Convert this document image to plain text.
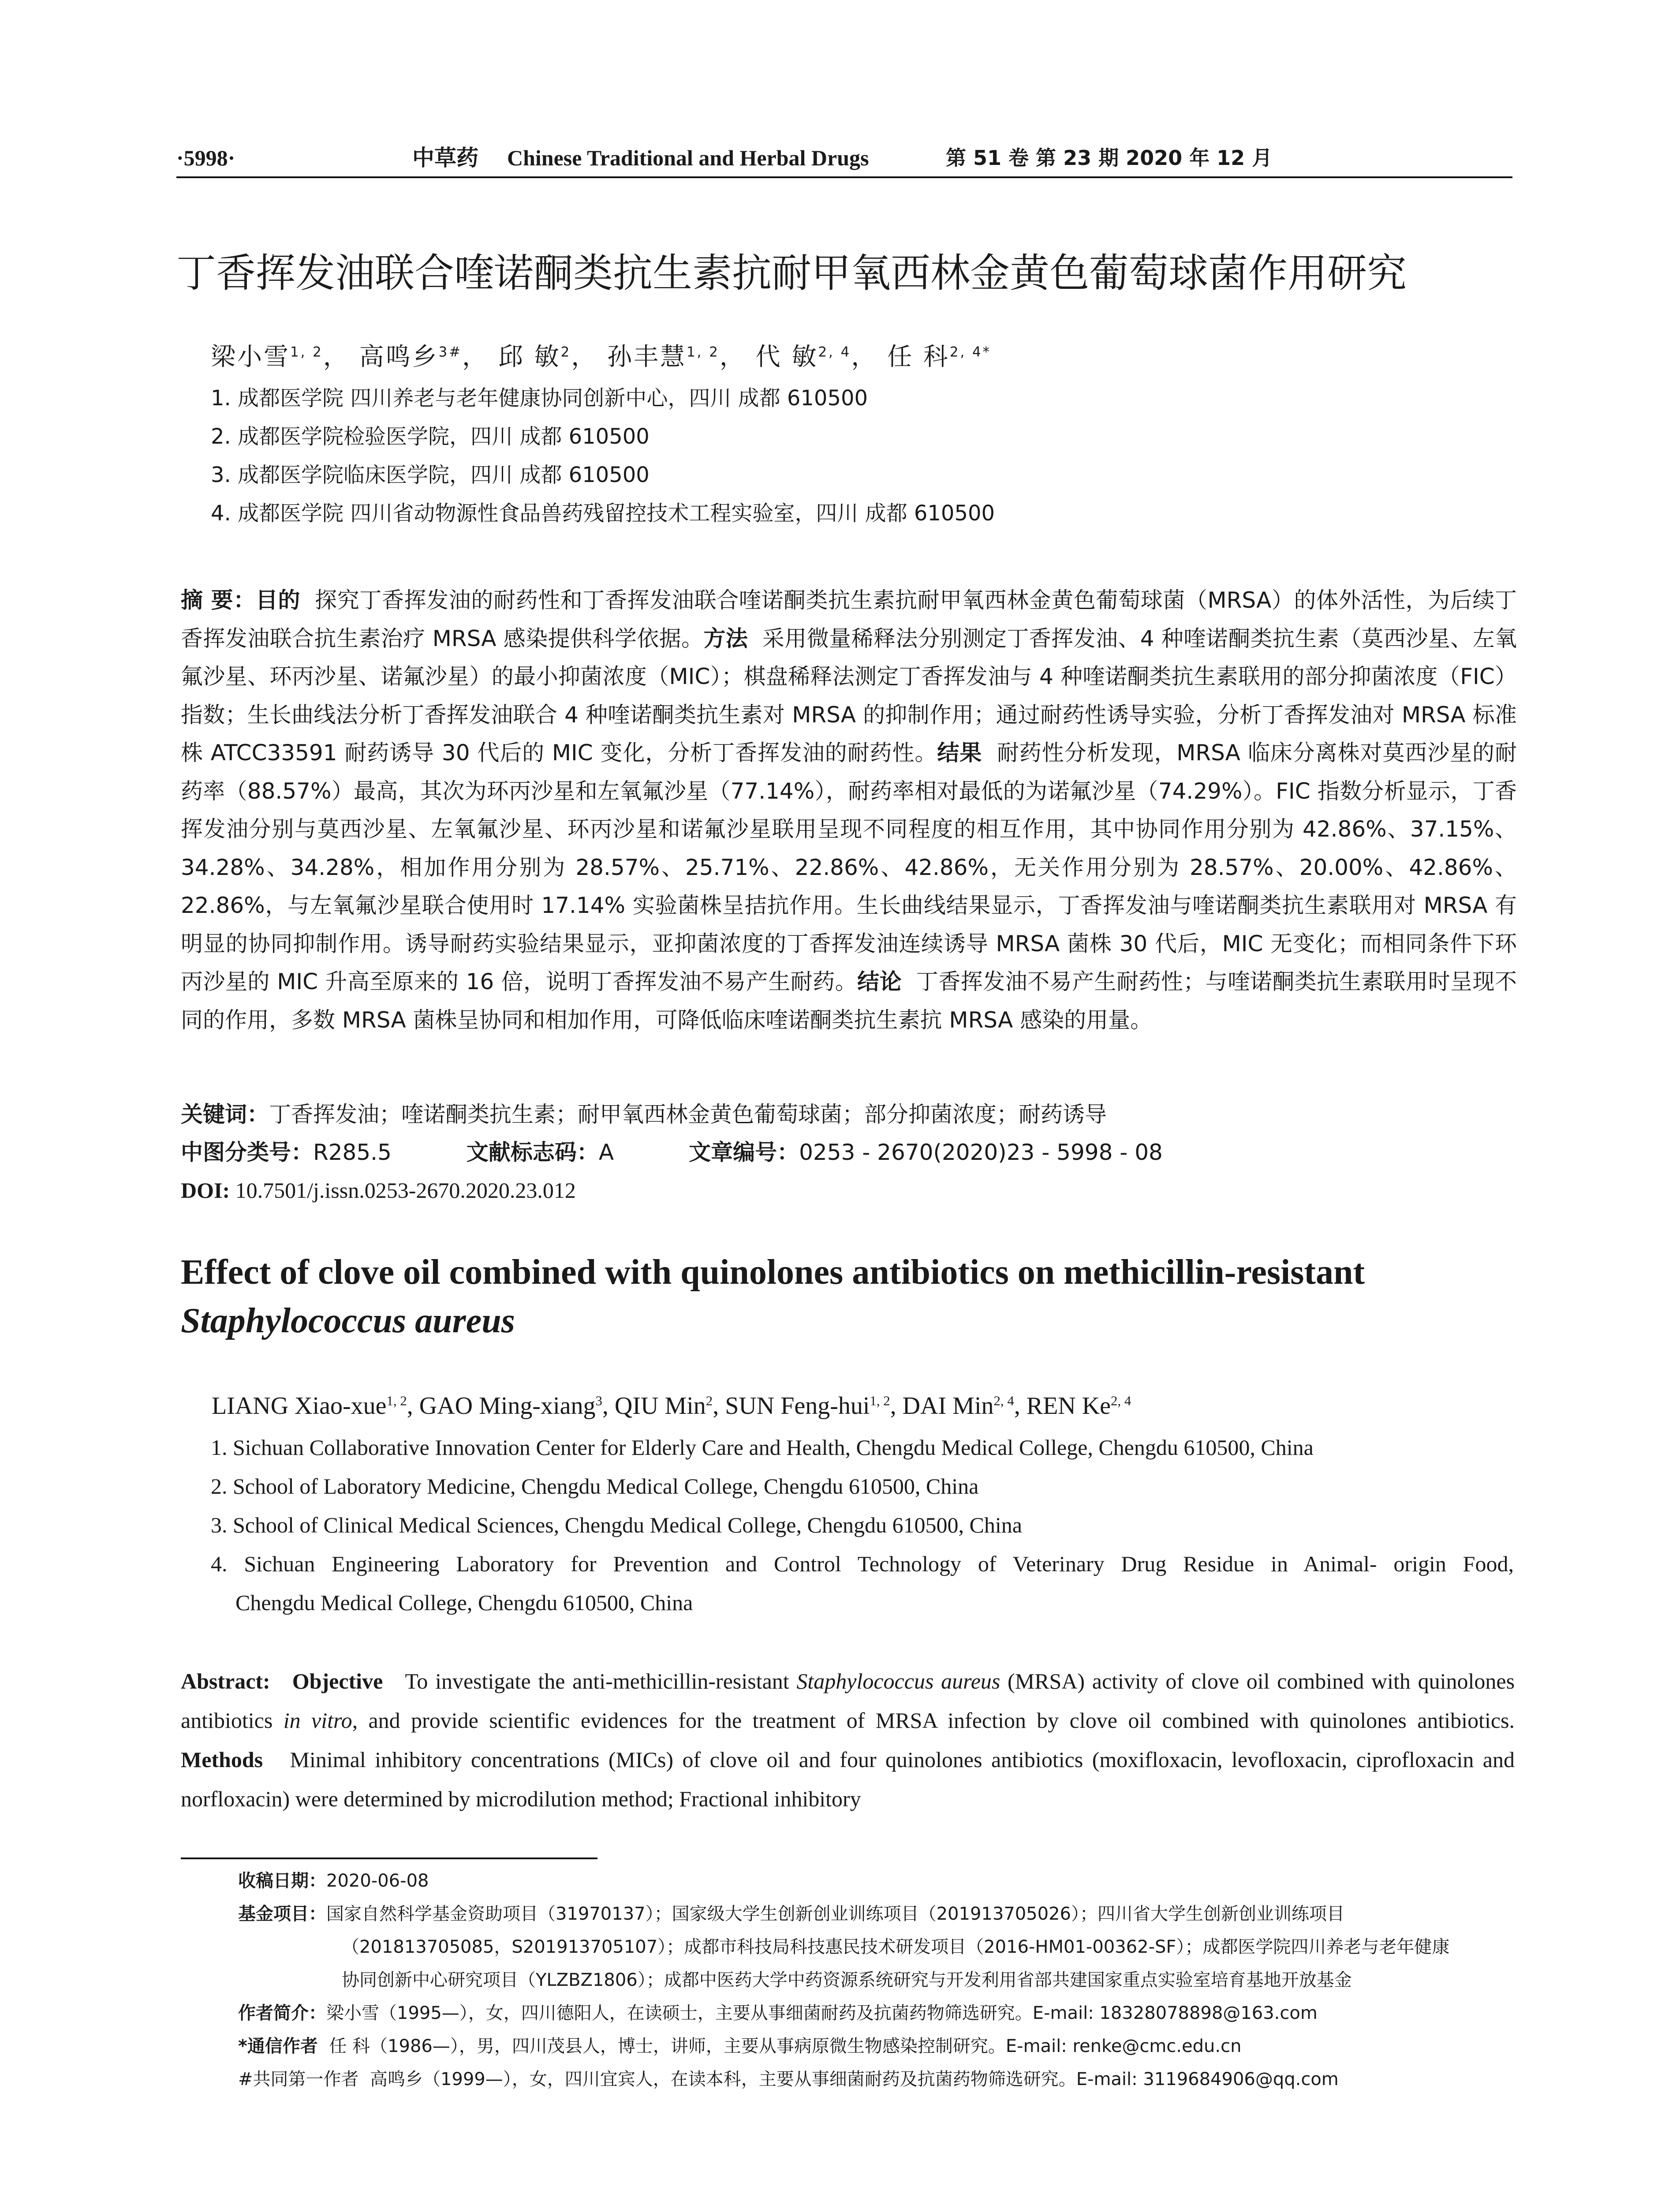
·5998·	中草药 Chinese Traditional and Herbal Drugs	第 51 卷 第 23 期 2020 年 12 月
丁香挥发油联合喹诺酮类抗生素抗耐甲氧西林金黄色葡萄球菌作用研究
梁小雪$^{1, 2}$， 高鸣乡$^{3\#}$， 邱 敏$^2$， 孙丰慧$^{1, 2}$， 代 敏$^{2, 4}$， 任 科$^{2, 4*}$
1. 成都医学院 四川养老与老年健康协同创新中心，四川 成都 610500
2. 成都医学院检验医学院，四川 成都 610500
3. 成都医学院临床医学院，四川 成都 610500
4. 成都医学院 四川省动物源性食品兽药残留控技术工程实验室，四川 成都 610500
摘 要：目的 探究丁香挥发油的耐药性和丁香挥发油联合喹诺酮类抗生素抗耐甲氧西林金黄色葡萄球菌（MRSA）的体外活性，为后续丁香挥发油联合抗生素治疗 MRSA 感染提供科学依据。方法 采用微量稀释法分别测定丁香挥发油、4 种喹诺酮类抗生素（莫西沙星、左氧氟沙星、环丙沙星、诺氟沙星）的最小抑菌浓度（MIC）；棋盘稀释法测定丁香挥发油与 4 种喹诺酮类抗生素联用的部分抑菌浓度（FIC）指数；生长曲线法分析丁香挥发油联合 4 种喹诺酮类抗生素对 MRSA 的抑制作用；通过耐药性诱导实验，分析丁香挥发油对 MRSA 标准株 ATCC33591 耐药诱导 30 代后的 MIC 变化，分析丁香挥发油的耐药性。结果 耐药性分析发现，MRSA 临床分离株对莫西沙星的耐药率（88.57%）最高，其次为环丙沙星和左氧氟沙星（77.14%），耐药率相对最低的为诺氟沙星（74.29%）。FIC 指数分析显示，丁香挥发油分别与莫西沙星、左氧氟沙星、环丙沙星和诺氟沙星联用呈现不同程度的相互作用，其中协同作用分别为 42.86%、37.15%、34.28%、34.28%，相加作用分别为 28.57%、25.71%、22.86%、42.86%，无关作用分别为 28.57%、20.00%、42.86%、22.86%，与左氧氟沙星联合使用时 17.14% 实验菌株呈拮抗作用。生长曲线结果显示，丁香挥发油与喹诺酮类抗生素联用对 MRSA 有明显的协同抑制作用。诱导耐药实验结果显示，亚抑菌浓度的丁香挥发油连续诱导 MRSA 菌株 30 代后，MIC 无变化；而相同条件下环丙沙星的 MIC 升高至原来的 16 倍，说明丁香挥发油不易产生耐药。结论 丁香挥发油不易产生耐药性；与喹诺酮类抗生素联用时呈现不同的作用，多数 MRSA 菌株呈协同和相加作用，可降低临床喹诺酮类抗生素抗 MRSA 感染的用量。
关键词：丁香挥发油；喹诺酮类抗生素；耐甲氧西林金黄色葡萄球菌；部分抑菌浓度；耐药诱导
中图分类号：R285.5	文献标志码：A	文章编号：0253 - 2670(2020)23 - 5998 - 08
DOI: 10.7501/j.issn.0253-2670.2020.23.012
Effect of clove oil combined with quinolones antibiotics on methicillin-resistant
Staphylococcus aureus
LIANG Xiao-xue$^{1, 2}$, GAO Ming-xiang$^3$, QIU Min$^2$, SUN Feng-hui$^{1, 2}$, DAI Min$^{2, 4}$, REN Ke$^{2, 4}$
1. Sichuan Collaborative Innovation Center for Elderly Care and Health, Chengdu Medical College, Chengdu 610500, China
2. School of Laboratory Medicine, Chengdu Medical College, Chengdu 610500, China
3. School of Clinical Medical Sciences, Chengdu Medical College, Chengdu 610500, China
4. Sichuan Engineering Laboratory for Prevention and Control Technology of Veterinary Drug Residue in Animal- origin Food,
Chengdu Medical College, Chengdu 610500, China
Abstract: Objective To investigate the anti-methicillin-resistant Staphylococcus aureus (MRSA) activity of clove oil combined with quinolones antibiotics in vitro, and provide scientific evidences for the treatment of MRSA infection by clove oil combined with quinolones antibiotics. Methods Minimal inhibitory concentrations (MICs) of clove oil and four quinolones antibiotics (moxifloxacin, levofloxacin, ciprofloxacin and norfloxacin) were determined by microdilution method; Fractional inhibitory
收稿日期：2020-06-08
基金项目：国家自然科学基金资助项目（31970137）；国家级大学生创新创业训练项目（201913705026）；四川省大学生创新创业训练项目
（201813705085，S201913705107）；成都市科技局科技惠民技术研发项目（2016-HM01-00362-SF）；成都医学院四川养老与老年健康
协同创新中心研究项目（YLZBZ1806）；成都中医药大学中药资源系统研究与开发利用省部共建国家重点实验室培育基地开放基金
作者简介：梁小雪（1995—），女，四川德阳人，在读硕士，主要从事细菌耐药及抗菌药物筛选研究。E-mail: 18328078898@163.com
*通信作者 任 科（1986—），男，四川茂县人，博士，讲师，主要从事病原微生物感染控制研究。E-mail: renke@cmc.edu.cn
#共同第一作者 高鸣乡（1999—），女，四川宜宾人，在读本科，主要从事细菌耐药及抗菌药物筛选研究。E-mail: 3119684906@qq.com
